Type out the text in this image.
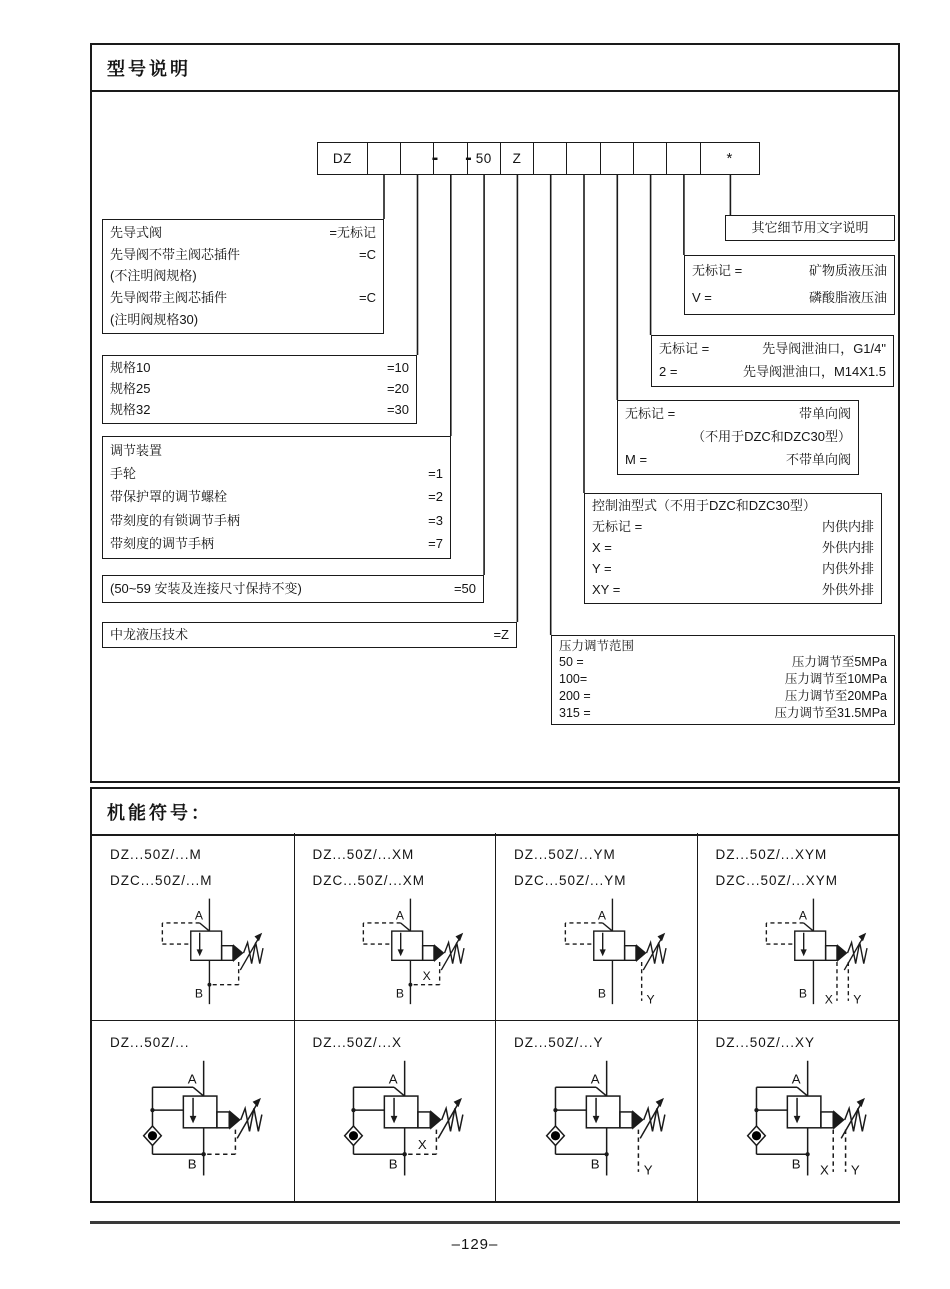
型号说明
DZ	50	Z	*
- -
先导式阀	=无标记
先导阀不带主阀芯插件	=C
(不注明阀规格)
先导阀带主阀芯插件	=C
(注明阀规格30)
规格10	=10
规格25	=20
规格32	=30
调节装置
手轮	=1
带保护罩的调节螺栓	=2
带刻度的有锁调节手柄	=3
带刻度的调节手柄	=7
(50~59 安装及连接尺寸保持不变)	=50
中龙液压技术	=Z
其它细节用文字说明
无标记 =	矿物质液压油
V =	磷酸脂液压油
无标记 =	先导阀泄油口，G1/4"
2 =	先导阀泄油口，M14X1.5
无标记 =	带单向阀
（不用于DZC和DZC30型）
M =	不带单向阀
控制油型式（不用于DZC和DZC30型）
无标记 =	内供内排
X =	外供内排
Y =	内供外排
XY =	外供外排
压力调节范围
50 =	压力调节至5MPa
100=	压力调节至10MPa
200 =	压力调节至20MPa
315 =	压力调节至31.5MPa
机能符号：
DZ...50Z/...M
DZC...50Z/...M
A
B
DZ...50Z/...XM
DZC...50Z/...XM
A
B
X
DZ...50Z/...YM
DZC...50Z/...YM
A
B	Y
DZ...50Z/...XYM
DZC...50Z/...XYM
A
B X Y
DZ...50Z/...
A
B
DZ...50Z/...X
A
B
X
DZ...50Z/...Y
A
B	Y
DZ...50Z/...XY
A
B X Y
–129–
